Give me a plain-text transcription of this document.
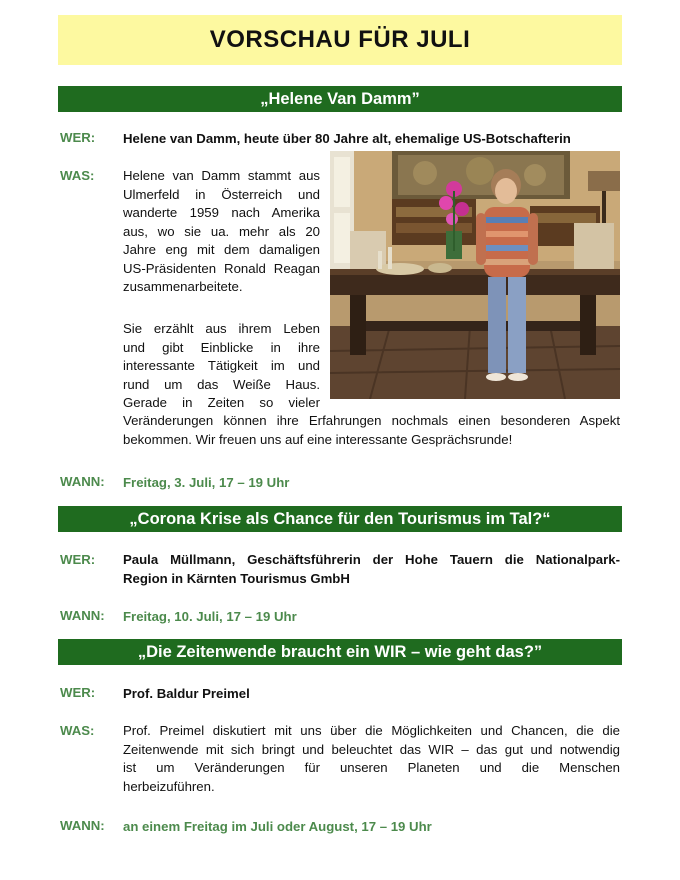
VORSCHAU FÜR JULI
„Helene Van Damm”
WER: Helene van Damm, heute über 80 Jahre alt, ehemalige US-Botschafterin
WAS: Helene van Damm stammt aus
Ulmerfeld in Österreich und
wanderte 1959 nach Amerika
aus, wo sie ua. mehr als 20
Jahre eng mit dem damaligen
US-Präsidenten Ronald Reagan
zusammenarbeitete.
Sie erzählt aus ihrem Leben
und gibt Einblicke in ihre
interessante Tätigkeit im und
rund um das Weiße Haus.
Gerade in Zeiten so vieler
Veränderungen können ihre Erfahrungen nochmals einen besonderen Aspekt
bekommen. Wir freuen uns auf eine interessante Gesprächsrunde!
WANN: Freitag, 3. Juli, 17 – 19 Uhr
„Corona Krise als Chance für den Tourismus im Tal?“
WER: Paula Müllmann, Geschäftsführerin der Hohe Tauern die Nationalpark-
Region in Kärnten Tourismus GmbH
WANN: Freitag, 10. Juli, 17 – 19 Uhr
„Die Zeitenwende braucht ein WIR – wie geht das?”
WER: Prof. Baldur Preimel
WAS: Prof. Preimel diskutiert mit uns über die Möglichkeiten und Chancen, die die
Zeitenwende mit sich bringt und beleuchtet das WIR – das gut und notwendig
ist um Veränderungen für unseren Planeten und die Menschen
herbeizuführen.
WANN: an einem Freitag im Juli oder August, 17 – 19 Uhr
